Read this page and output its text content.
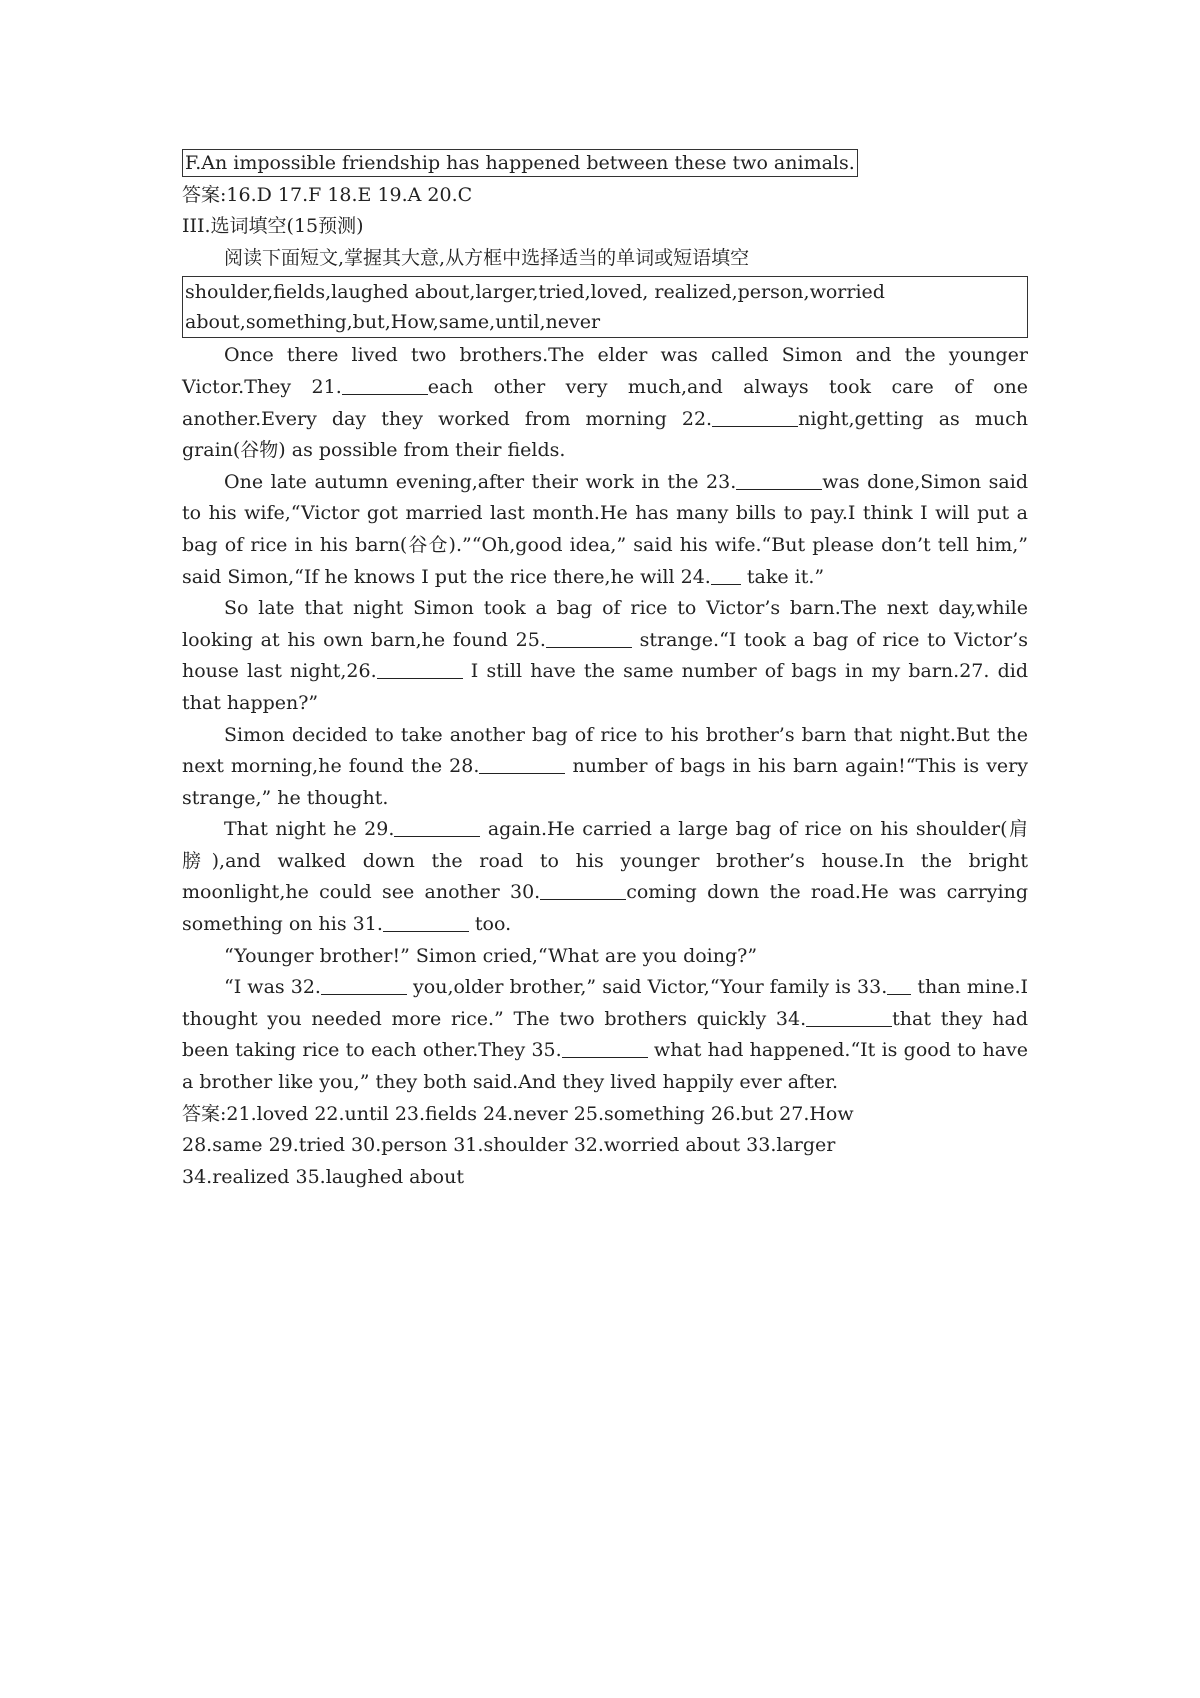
F.An impossible friendship has happened between these two animals.

答案:16.D 17.F 18.E 19.A 20.C

III.选词填空(15预测)

阅读下面短文,掌握其大意,从方框中选择适当的单词或短语填空

shoulder,fields,laughed about,larger,tried,loved, realized,person,worried
about,something,but,How,same,until,never

Once there lived two brothers.The elder was called Simon and the younger Victor.They 21.	each other very much,and always took care of one another.Every day they worked from morning 22.	night,getting as much grain(谷物) as possible from their fields.

One late autumn evening,after their work in the 23.	was done,Simon said to his wife,“Victor got married last month.He has many bills to pay.I think I will put a bag of rice in his barn(谷仓).”“Oh,good idea,” said his wife.“But please don’t tell him,” said Simon,“If he knows I put the rice there,he will 24. take it.”

So late that night Simon took a bag of rice to Victor’s barn.The next day,while looking at his own barn,he found 25.	strange.“I took a bag of rice to Victor’s house last night,26.	I still have the same number of bags in my barn.27. did that happen?”

Simon decided to take another bag of rice to his brother’s barn that night.But the next morning,he found the 28.	number of bags in his barn again!“This is very strange,” he thought.

That night he 29.	again.He carried a large bag of rice on his shoulder(肩膀),and walked down the road to his younger brother’s house.In the bright moonlight,he could see another 30.	coming down the road.He was carrying something on his 31.	too.

“Younger brother!” Simon cried,“What are you doing?”

“I was 32.	you,older brother,” said Victor,“Your family is 33. than mine.I thought you needed more rice.” The two brothers quickly 34.	that they had been taking rice to each other.They 35.	what had happened.“It is good to have a brother like you,” they both said.And they lived happily ever after.

答案:21.loved 22.until 23.fields 24.never 25.something 26.but 27.How

28.same 29.tried 30.person 31.shoulder 32.worried about 33.larger

34.realized 35.laughed about
